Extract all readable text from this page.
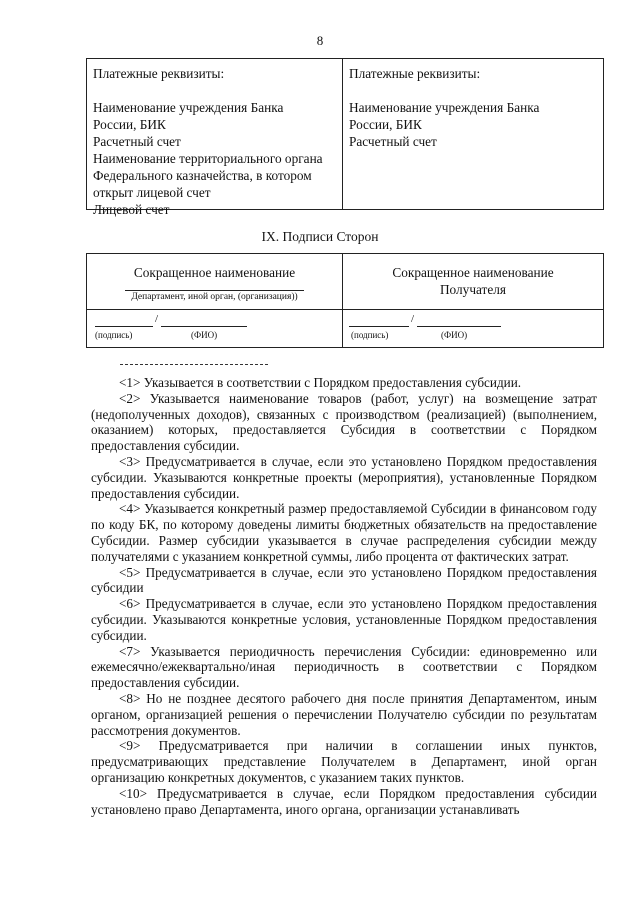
8
Платежные реквизиты:
Наименование учреждения Банка
России, БИК
Расчетный счет
Наименование территориального органа
Федерального казначейства, в котором
открыт лицевой счет
Лицевой счет
Платежные реквизиты:
Наименование учреждения Банка
России, БИК
Расчетный счет
IX. Подписи Сторон
Сокращенное наименование
Департамент, иной орган, (организация))
Сокращенное наименование
Получателя
/
(подпись)	(ФИО)
/
(подпись)	(ФИО)

<1> Указывается в соответствии с Порядком предоставления субсидии.

<2> Указывается наименование товаров (работ, услуг) на возмещение затрат (недополученных доходов), связанных с производством (реализацией) (выполнением, оказанием) которых, предоставляется Субсидия в соответствии с Порядком предоставления субсидии.

<3> Предусматривается в случае, если это установлено Порядком предоставления субсидии. Указываются конкретные проекты (мероприятия), установленные Порядком предоставления субсидии.

<4> Указывается конкретный размер предоставляемой Субсидии в финансовом году по коду БК, по которому доведены лимиты бюджетных обязательств на предоставление Субсидии. Размер субсидии указывается в случае распределения субсидии между получателями с указанием конкретной суммы, либо процента от фактических затрат.

<5> Предусматривается в случае, если это установлено Порядком предоставления субсидии

<6> Предусматривается в случае, если это установлено Порядком предоставления субсидии. Указываются конкретные условия, установленные Порядком предоставления субсидии.

<7> Указывается периодичность перечисления Субсидии: единовременно или ежемесячно/ежеквартально/иная периодичность в соответствии с Порядком предоставления субсидии.

<8> Но не позднее десятого рабочего дня после принятия Департаментом, иным органом, организацией решения о перечислении Получателю субсидии по результатам рассмотрения документов.

<9> Предусматривается при наличии в соглашении иных пунктов, предусматривающих представление Получателем в Департамент, иной орган организацию конкретных документов, с указанием таких пунктов.

<10> Предусматривается в случае, если Порядком предоставления субсидии установлено право Департамента, иного органа, организации устанавливать
